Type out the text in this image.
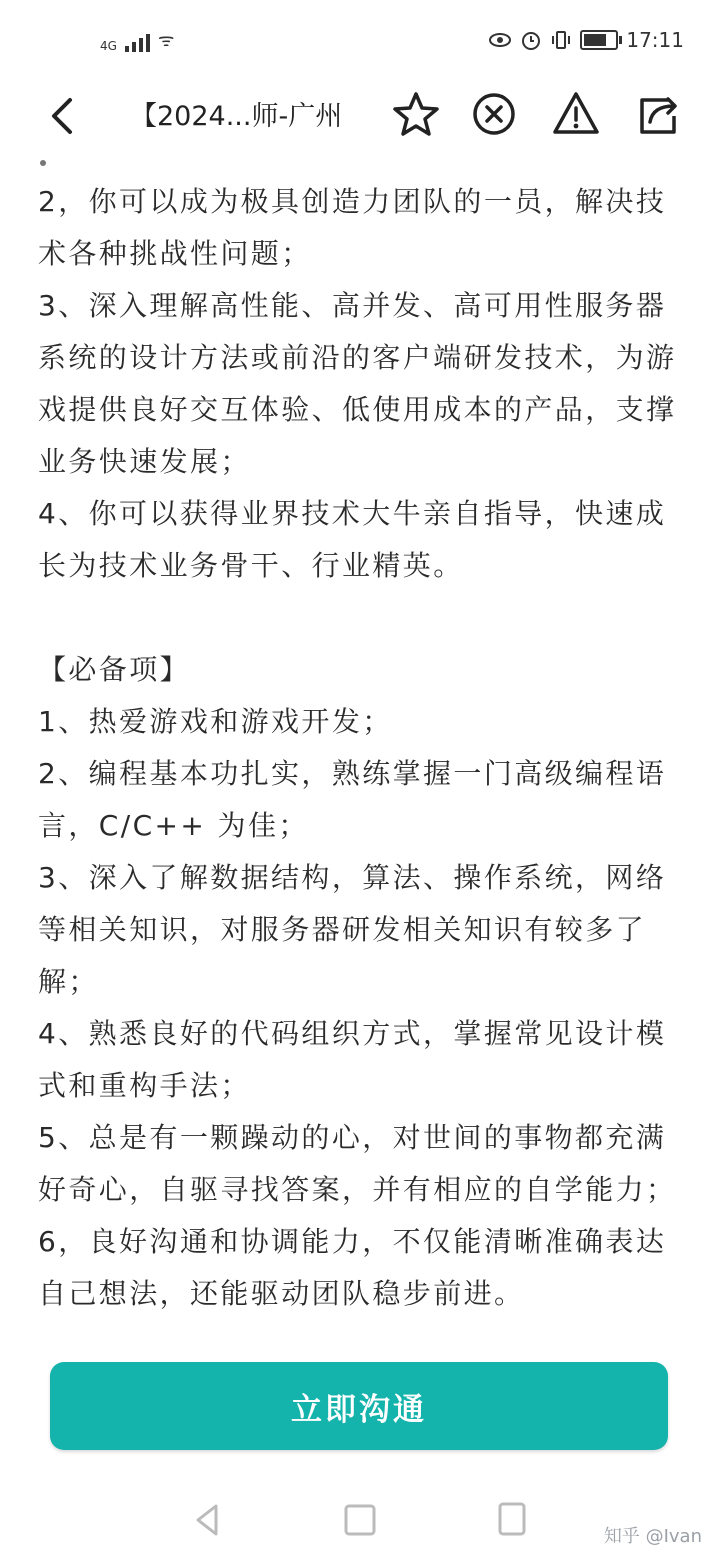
4G ᯤ	17:11
【2024...师-广州

2，你可以成为极具创造力团队的一员，解决技术各种挑战性问题；

3、深入理解高性能、高并发、高可用性服务器系统的设计方法或前沿的客户端研发技术，为游戏提供良好交互体验、低使用成本的产品，支撑业务快速发展；

4、你可以获得业界技术大牛亲自指导，快速成长为技术业务骨干、行业精英。

【必备项】

1、热爱游戏和游戏开发；

2、编程基本功扎实，熟练掌握一门高级编程语言，C/C++ 为佳；

3、深入了解数据结构，算法、操作系统，网络等相关知识，对服务器研发相关知识有较多了解；

4、熟悉良好的代码组织方式，掌握常见设计模式和重构手法；

5、总是有一颗躁动的心，对世间的事物都充满好奇心，自驱寻找答案，并有相应的自学能力；

6，良好沟通和协调能力，不仅能清晰准确表达自己想法，还能驱动团队稳步前进。

立即沟通
知乎 @Ivan
